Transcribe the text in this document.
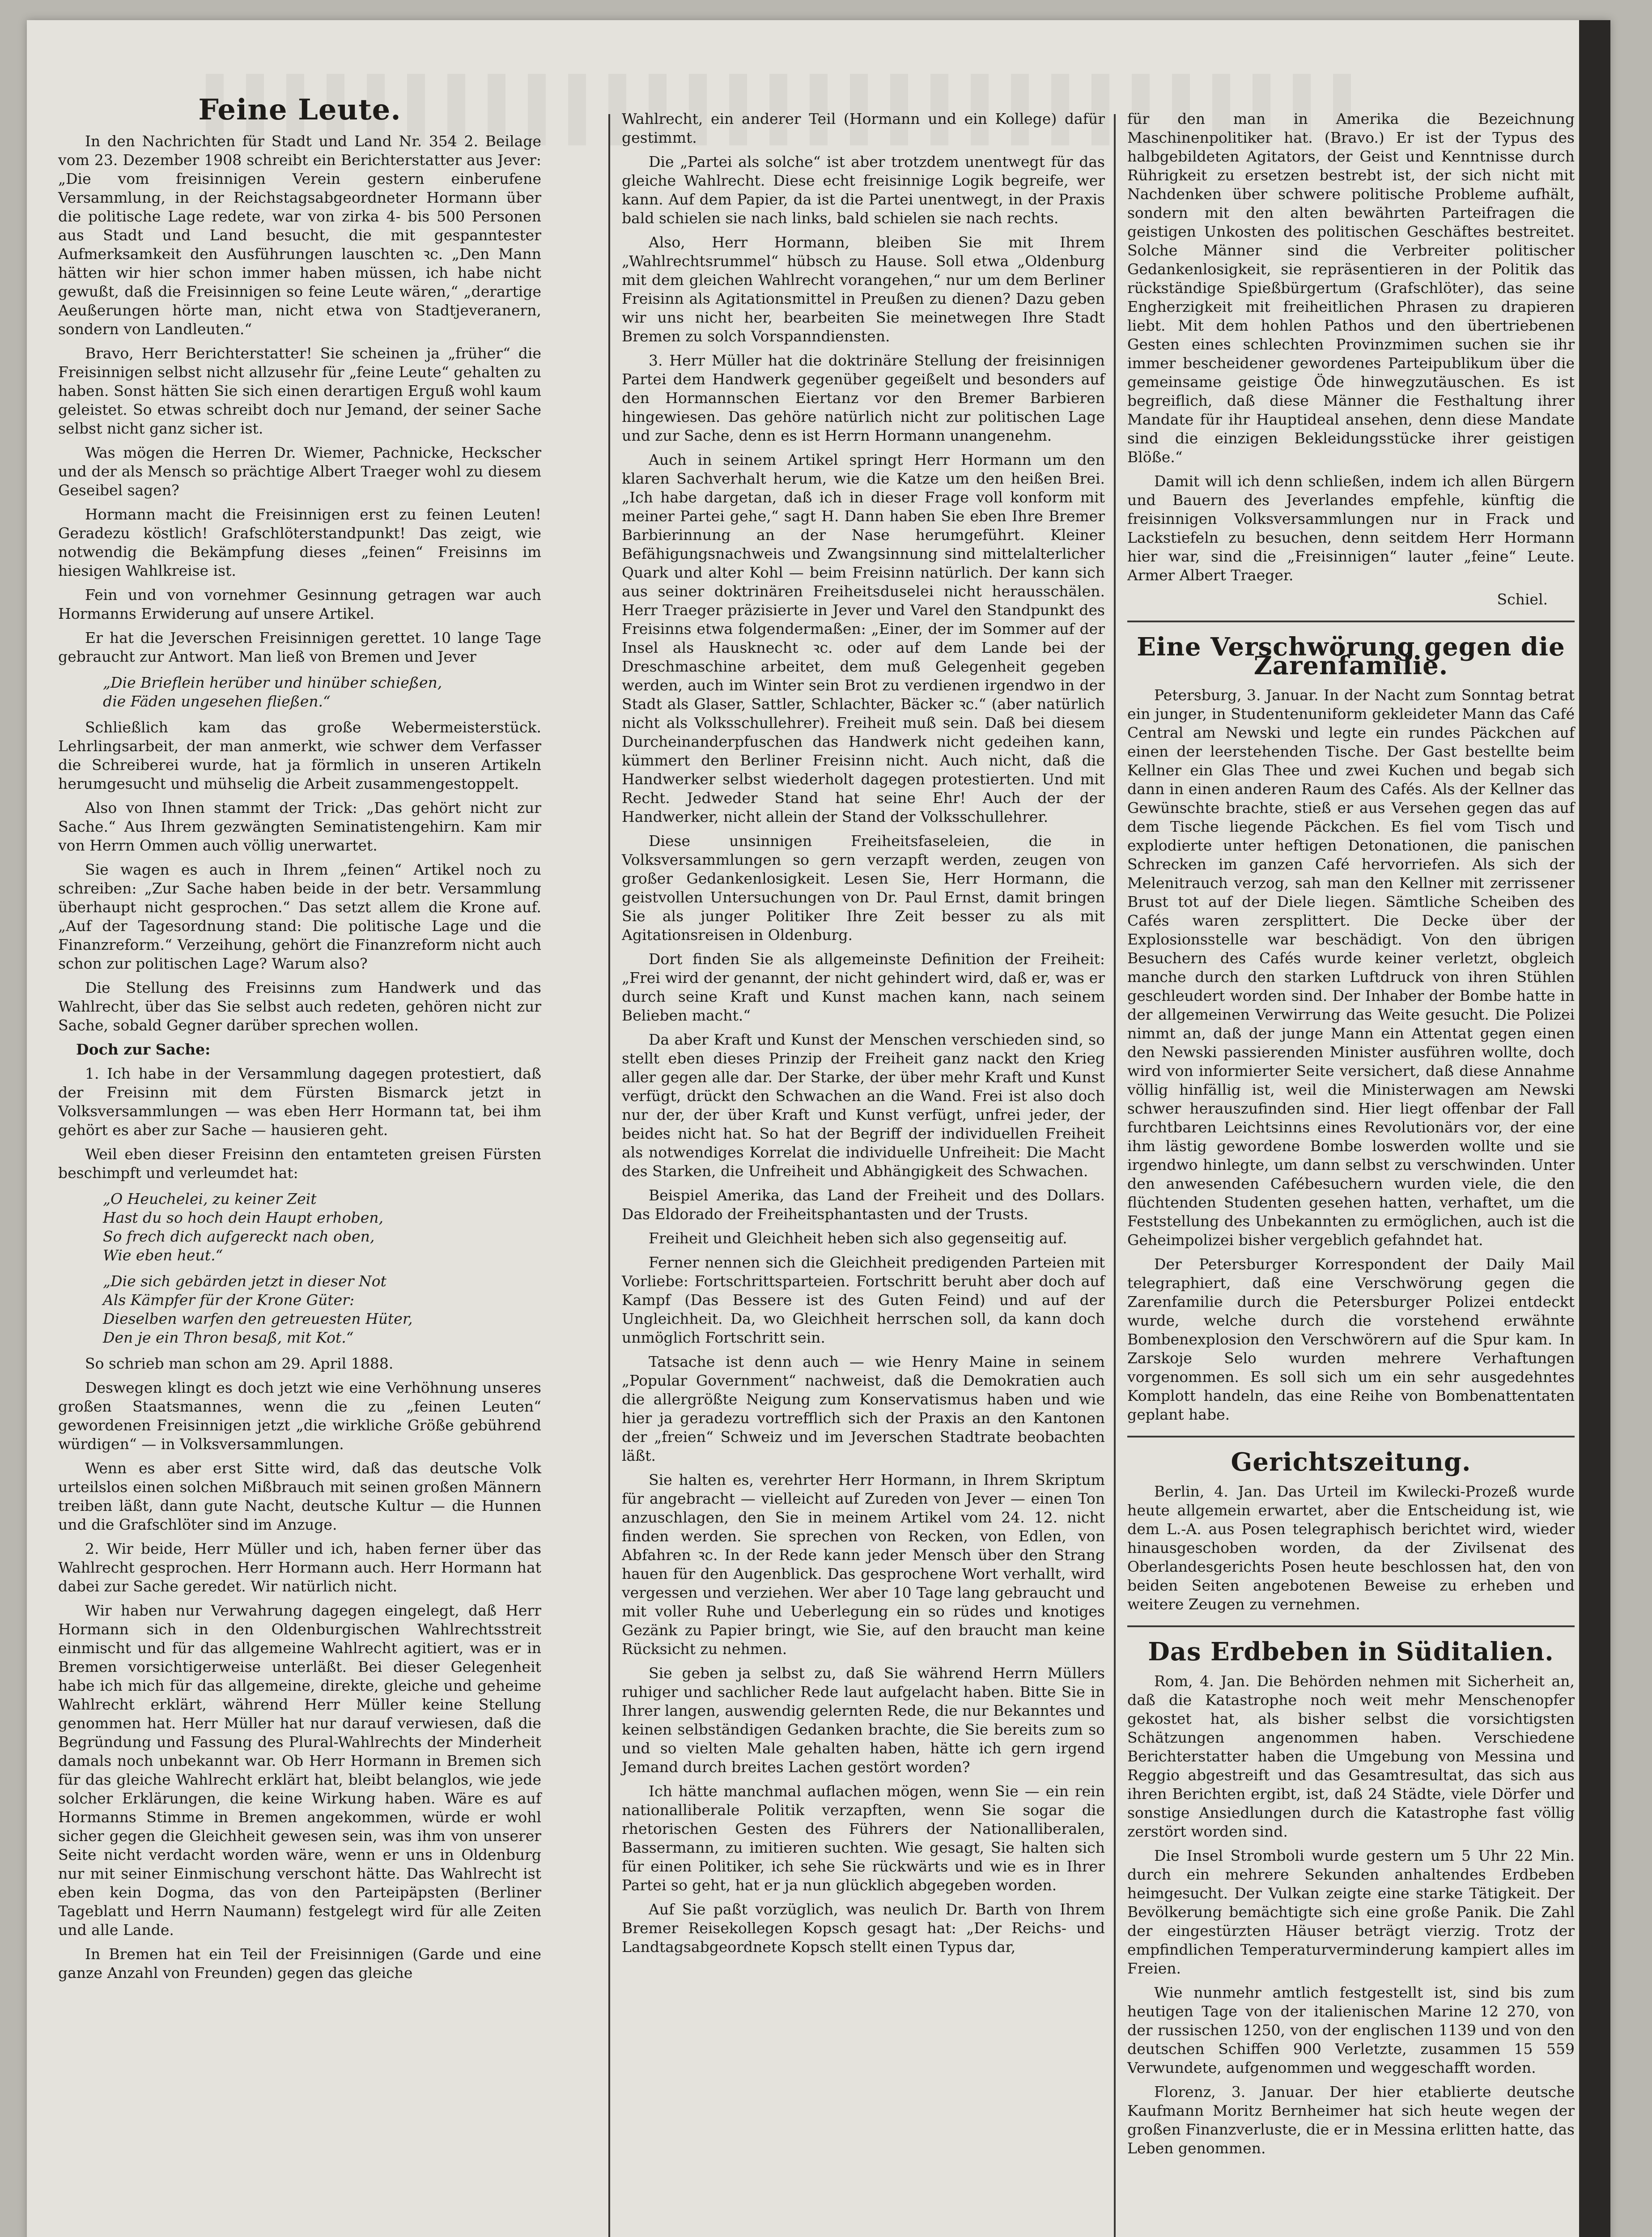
Feine Leute.

In den Nachrichten für Stadt und Land Nr. 354 2. Beilage vom 23. Dezember 1908 schreibt ein Berichterstatter aus Jever: „Die vom freisinnigen Verein gestern einberufene Versammlung, in der Reichstagsabgeordneter Hormann über die politische Lage redete, war von zirka 4- bis 500 Personen aus Stadt und Land besucht, die mit gespanntester Aufmerksamkeit den Ausführungen lauschten ꝛc. „Den Mann hätten wir hier schon immer haben müssen, ich habe nicht gewußt, daß die Freisinnigen so feine Leute wären,“ „derartige Aeußerungen hörte man, nicht etwa von Stadtjeveranern, sondern von Landleuten.“

Bravo, Herr Berichterstatter! Sie scheinen ja „früher“ die Freisinnigen selbst nicht allzusehr für „feine Leute“ gehalten zu haben. Sonst hätten Sie sich einen derartigen Erguß wohl kaum geleistet. So etwas schreibt doch nur Jemand, der seiner Sache selbst nicht ganz sicher ist.

Was mögen die Herren Dr. Wiemer, Pachnicke, Heckscher und der als Mensch so prächtige Albert Traeger wohl zu diesem Geseibel sagen?

Hormann macht die Freisinnigen erst zu feinen Leuten! Geradezu köstlich! Grafschlöterstandpunkt! Das zeigt, wie notwendig die Bekämpfung dieses „feinen“ Freisinns im hiesigen Wahlkreise ist.

Fein und von vornehmer Gesinnung getragen war auch Hormanns Erwiderung auf unsere Artikel.

Er hat die Jeverschen Freisinnigen gerettet. 10 lange Tage gebraucht zur Antwort. Man ließ von Bremen und Jever

„Die Brieflein herüber und hinüber schießen,
die Fäden ungesehen fließen.“

Schließlich kam das große Webermeisterstück. Lehrlingsarbeit, der man anmerkt, wie schwer dem Verfasser die Schreiberei wurde, hat ja förmlich in unseren Artikeln herumgesucht und mühselig die Arbeit zusammengestoppelt.

Also von Ihnen stammt der Trick: „Das gehört nicht zur Sache.“ Aus Ihrem gezwängten Seminatistengehirn. Kam mir von Herrn Ommen auch völlig unerwartet.

Sie wagen es auch in Ihrem „feinen“ Artikel noch zu schreiben: „Zur Sache haben beide in der betr. Versammlung überhaupt nicht gesprochen.“ Das setzt allem die Krone auf. „Auf der Tagesordnung stand: Die politische Lage und die Finanzreform.“ Verzeihung, gehört die Finanzreform nicht auch schon zur politischen Lage? Warum also?

Die Stellung des Freisinns zum Handwerk und das Wahlrecht, über das Sie selbst auch redeten, gehören nicht zur Sache, sobald Gegner darüber sprechen wollen.

Doch zur Sache:

1. Ich habe in der Versammlung dagegen protestiert, daß der Freisinn mit dem Fürsten Bismarck jetzt in Volksversammlungen — was eben Herr Hormann tat, bei ihm gehört es aber zur Sache — hausieren geht.

Weil eben dieser Freisinn den entamteten greisen Fürsten beschimpft und verleumdet hat:

„O Heuchelei, zu keiner Zeit
Hast du so hoch dein Haupt erhoben,
So frech dich aufgereckt nach oben,
Wie eben heut.“
„Die sich gebärden jetzt in dieser Not
Als Kämpfer für der Krone Güter:
Dieselben warfen den getreuesten Hüter,
Den je ein Thron besaß, mit Kot.“

So schrieb man schon am 29. April 1888.

Deswegen klingt es doch jetzt wie eine Verhöhnung unseres großen Staatsmannes, wenn die zu „feinen Leuten“ gewordenen Freisinnigen jetzt „die wirkliche Größe gebührend würdigen“ — in Volksversammlungen.

Wenn es aber erst Sitte wird, daß das deutsche Volk urteilslos einen solchen Mißbrauch mit seinen großen Männern treiben läßt, dann gute Nacht, deutsche Kultur — die Hunnen und die Grafschlöter sind im Anzuge.

2. Wir beide, Herr Müller und ich, haben ferner über das Wahlrecht gesprochen. Herr Hormann auch. Herr Hormann hat dabei zur Sache geredet. Wir natürlich nicht.

Wir haben nur Verwahrung dagegen eingelegt, daß Herr Hormann sich in den Oldenburgischen Wahlrechtsstreit einmischt und für das allgemeine Wahlrecht agitiert, was er in Bremen vorsichtigerweise unterläßt. Bei dieser Gelegenheit habe ich mich für das allgemeine, direkte, gleiche und geheime Wahlrecht erklärt, während Herr Müller keine Stellung genommen hat. Herr Müller hat nur darauf verwiesen, daß die Begründung und Fassung des Plural-Wahlrechts der Minderheit damals noch unbekannt war. Ob Herr Hormann in Bremen sich für das gleiche Wahlrecht erklärt hat, bleibt belanglos, wie jede solcher Erklärungen, die keine Wirkung haben. Wäre es auf Hormanns Stimme in Bremen angekommen, würde er wohl sicher gegen die Gleichheit gewesen sein, was ihm von unserer Seite nicht verdacht worden wäre, wenn er uns in Oldenburg nur mit seiner Einmischung verschont hätte. Das Wahlrecht ist eben kein Dogma, das von den Parteipäpsten (Berliner Tageblatt und Herrn Naumann) festgelegt wird für alle Zeiten und alle Lande.

In Bremen hat ein Teil der Freisinnigen (Garde und eine ganze Anzahl von Freunden) gegen das gleiche

Wahlrecht, ein anderer Teil (Hormann und ein Kollege) dafür gestimmt.

Die „Partei als solche“ ist aber trotzdem unentwegt für das gleiche Wahlrecht. Diese echt freisinnige Logik begreife, wer kann. Auf dem Papier, da ist die Partei unentwegt, in der Praxis bald schielen sie nach links, bald schielen sie nach rechts.

Also, Herr Hormann, bleiben Sie mit Ihrem „Wahlrechtsrummel“ hübsch zu Hause. Soll etwa „Oldenburg mit dem gleichen Wahlrecht vorangehen,“ nur um dem Berliner Freisinn als Agitationsmittel in Preußen zu dienen? Dazu geben wir uns nicht her, bearbeiten Sie meinetwegen Ihre Stadt Bremen zu solch Vorspanndiensten.

3. Herr Müller hat die doktrinäre Stellung der freisinnigen Partei dem Handwerk gegenüber gegeißelt und besonders auf den Hormannschen Eiertanz vor den Bremer Barbieren hingewiesen. Das gehöre natürlich nicht zur politischen Lage und zur Sache, denn es ist Herrn Hormann unangenehm.

Auch in seinem Artikel springt Herr Hormann um den klaren Sachverhalt herum, wie die Katze um den heißen Brei. „Ich habe dargetan, daß ich in dieser Frage voll konform mit meiner Partei gehe,“ sagt H. Dann haben Sie eben Ihre Bremer Barbierinnung an der Nase herumgeführt. Kleiner Befähigungsnachweis und Zwangsinnung sind mittelalterlicher Quark und alter Kohl — beim Freisinn natürlich. Der kann sich aus seiner doktrinären Freiheitsduselei nicht herausschälen. Herr Traeger präzisierte in Jever und Varel den Standpunkt des Freisinns etwa folgendermaßen: „Einer, der im Sommer auf der Insel als Hausknecht ꝛc. oder auf dem Lande bei der Dreschmaschine arbeitet, dem muß Gelegenheit gegeben werden, auch im Winter sein Brot zu verdienen irgendwo in der Stadt als Glaser, Sattler, Schlachter, Bäcker ꝛc.“ (aber natürlich nicht als Volksschullehrer). Freiheit muß sein. Daß bei diesem Durcheinanderpfuschen das Handwerk nicht gedeihen kann, kümmert den Berliner Freisinn nicht. Auch nicht, daß die Handwerker selbst wiederholt dagegen protestierten. Und mit Recht. Jedweder Stand hat seine Ehr! Auch der der Handwerker, nicht allein der Stand der Volksschullehrer.

Diese unsinnigen Freiheitsfaseleien, die in Volksversammlungen so gern verzapft werden, zeugen von großer Gedankenlosigkeit. Lesen Sie, Herr Hormann, die geistvollen Untersuchungen von Dr. Paul Ernst, damit bringen Sie als junger Politiker Ihre Zeit besser zu als mit Agitationsreisen in Oldenburg.

Dort finden Sie als allgemeinste Definition der Freiheit: „Frei wird der genannt, der nicht gehindert wird, daß er, was er durch seine Kraft und Kunst machen kann, nach seinem Belieben macht.“

Da aber Kraft und Kunst der Menschen verschieden sind, so stellt eben dieses Prinzip der Freiheit ganz nackt den Krieg aller gegen alle dar. Der Starke, der über mehr Kraft und Kunst verfügt, drückt den Schwachen an die Wand. Frei ist also doch nur der, der über Kraft und Kunst verfügt, unfrei jeder, der beides nicht hat. So hat der Begriff der individuellen Freiheit als notwendiges Korrelat die individuelle Unfreiheit: Die Macht des Starken, die Unfreiheit und Abhängigkeit des Schwachen.

Beispiel Amerika, das Land der Freiheit und des Dollars. Das Eldorado der Freiheitsphantasten und der Trusts.

Freiheit und Gleichheit heben sich also gegenseitig auf.

Ferner nennen sich die Gleichheit predigenden Parteien mit Vorliebe: Fortschrittsparteien. Fortschritt beruht aber doch auf Kampf (Das Bessere ist des Guten Feind) und auf der Ungleichheit. Da, wo Gleichheit herrschen soll, da kann doch unmöglich Fortschritt sein.

Tatsache ist denn auch — wie Henry Maine in seinem „Popular Government“ nachweist, daß die Demokratien auch die allergrößte Neigung zum Konservatismus haben und wie hier ja geradezu vortrefflich sich der Praxis an den Kantonen der „freien“ Schweiz und im Jeverschen Stadtrate beobachten läßt.

Sie halten es, verehrter Herr Hormann, in Ihrem Skriptum für angebracht — vielleicht auf Zureden von Jever — einen Ton anzuschlagen, den Sie in meinem Artikel vom 24. 12. nicht finden werden. Sie sprechen von Recken, von Edlen, von Abfahren ꝛc. In der Rede kann jeder Mensch über den Strang hauen für den Augenblick. Das gesprochene Wort verhallt, wird vergessen und verziehen. Wer aber 10 Tage lang gebraucht und mit voller Ruhe und Ueberlegung ein so rüdes und knotiges Gezänk zu Papier bringt, wie Sie, auf den braucht man keine Rücksicht zu nehmen.

Sie geben ja selbst zu, daß Sie während Herrn Müllers ruhiger und sachlicher Rede laut aufgelacht haben. Bitte Sie in Ihrer langen, auswendig gelernten Rede, die nur Bekanntes und keinen selbständigen Gedanken brachte, die Sie bereits zum so und so vielten Male gehalten haben, hätte ich gern irgend Jemand durch breites Lachen gestört worden?

Ich hätte manchmal auflachen mögen, wenn Sie — ein rein nationalliberale Politik verzapften, wenn Sie sogar die rhetorischen Gesten des Führers der Nationalliberalen, Bassermann, zu imitieren suchten. Wie gesagt, Sie halten sich für einen Politiker, ich sehe Sie rückwärts und wie es in Ihrer Partei so geht, hat er ja nun glücklich abgegeben worden.

Auf Sie paßt vorzüglich, was neulich Dr. Barth von Ihrem Bremer Reisekollegen Kopsch gesagt hat: „Der Reichs- und Landtagsabgeordnete Kopsch stellt einen Typus dar,

für den man in Amerika die Bezeichnung Maschinenpolitiker hat. (Bravo.) Er ist der Typus des halbgebildeten Agitators, der Geist und Kenntnisse durch Rührigkeit zu ersetzen bestrebt ist, der sich nicht mit Nachdenken über schwere politische Probleme aufhält, sondern mit den alten bewährten Parteifragen die geistigen Unkosten des politischen Geschäftes bestreitet. Solche Männer sind die Verbreiter politischer Gedankenlosigkeit, sie repräsentieren in der Politik das rückständige Spießbürgertum (Grafschlöter), das seine Engherzigkeit mit freiheitlichen Phrasen zu drapieren liebt. Mit dem hohlen Pathos und den übertriebenen Gesten eines schlechten Provinzmimen suchen sie ihr immer bescheidener gewordenes Parteipublikum über die gemeinsame geistige Öde hinwegzutäuschen. Es ist begreiflich, daß diese Männer die Festhaltung ihrer Mandate für ihr Hauptideal ansehen, denn diese Mandate sind die einzigen Bekleidungsstücke ihrer geistigen Blöße.“

Damit will ich denn schließen, indem ich allen Bürgern und Bauern des Jeverlandes empfehle, künftig die freisinnigen Volksversammlungen nur in Frack und Lackstiefeln zu besuchen, denn seitdem Herr Hormann hier war, sind die „Freisinnigen“ lauter „feine“ Leute. Armer Albert Traeger.

Schiel.

Eine Verschwörung gegen die Zarenfamilie.

Petersburg, 3. Januar. In der Nacht zum Sonntag betrat ein junger, in Studentenuniform gekleideter Mann das Café Central am Newski und legte ein rundes Päckchen auf einen der leerstehenden Tische. Der Gast bestellte beim Kellner ein Glas Thee und zwei Kuchen und begab sich dann in einen anderen Raum des Cafés. Als der Kellner das Gewünschte brachte, stieß er aus Versehen gegen das auf dem Tische liegende Päckchen. Es fiel vom Tisch und explodierte unter heftigen Detonationen, die panischen Schrecken im ganzen Café hervorriefen. Als sich der Melenitrauch verzog, sah man den Kellner mit zerrissener Brust tot auf der Diele liegen. Sämtliche Scheiben des Cafés waren zersplittert. Die Decke über der Explosionsstelle war beschädigt. Von den übrigen Besuchern des Cafés wurde keiner verletzt, obgleich manche durch den starken Luftdruck von ihren Stühlen geschleudert worden sind. Der Inhaber der Bombe hatte in der allgemeinen Verwirrung das Weite gesucht. Die Polizei nimmt an, daß der junge Mann ein Attentat gegen einen den Newski passierenden Minister ausführen wollte, doch wird von informierter Seite versichert, daß diese Annahme völlig hinfällig ist, weil die Ministerwagen am Newski schwer herauszufinden sind. Hier liegt offenbar der Fall furchtbaren Leichtsinns eines Revolutionärs vor, der eine ihm lästig gewordene Bombe loswerden wollte und sie irgendwo hinlegte, um dann selbst zu verschwinden. Unter den anwesenden Cafébesuchern wurden viele, die den flüchtenden Studenten gesehen hatten, verhaftet, um die Feststellung des Unbekannten zu ermöglichen, auch ist die Geheimpolizei bisher vergeblich gefahndet hat.

Der Petersburger Korrespondent der Daily Mail telegraphiert, daß eine Verschwörung gegen die Zarenfamilie durch die Petersburger Polizei entdeckt wurde, welche durch die vorstehend erwähnte Bombenexplosion den Verschwörern auf die Spur kam. In Zarskoje Selo wurden mehrere Verhaftungen vorgenommen. Es soll sich um ein sehr ausgedehntes Komplott handeln, das eine Reihe von Bombenattentaten geplant habe.

Gerichtszeitung.

Berlin, 4. Jan. Das Urteil im Kwilecki-Prozeß wurde heute allgemein erwartet, aber die Entscheidung ist, wie dem L.-A. aus Posen telegraphisch berichtet wird, wieder hinausgeschoben worden, da der Zivilsenat des Oberlandesgerichts Posen heute beschlossen hat, den von beiden Seiten angebotenen Beweise zu erheben und weitere Zeugen zu vernehmen.

Das Erdbeben in Süditalien.

Rom, 4. Jan. Die Behörden nehmen mit Sicherheit an, daß die Katastrophe noch weit mehr Menschenopfer gekostet hat, als bisher selbst die vorsichtigsten Schätzungen angenommen haben. Verschiedene Berichterstatter haben die Umgebung von Messina und Reggio abgestreift und das Gesamtresultat, das sich aus ihren Berichten ergibt, ist, daß 24 Städte, viele Dörfer und sonstige Ansiedlungen durch die Katastrophe fast völlig zerstört worden sind.

Die Insel Stromboli wurde gestern um 5 Uhr 22 Min. durch ein mehrere Sekunden anhaltendes Erdbeben heimgesucht. Der Vulkan zeigte eine starke Tätigkeit. Der Bevölkerung bemächtigte sich eine große Panik. Die Zahl der eingestürzten Häuser beträgt vierzig. Trotz der empfindlichen Temperaturverminderung kampiert alles im Freien.

Wie nunmehr amtlich festgestellt ist, sind bis zum heutigen Tage von der italienischen Marine 12 270, von der russischen 1250, von der englischen 1139 und von den deutschen Schiffen 900 Verletzte, zusammen 15 559 Verwundete, aufgenommen und weggeschafft worden.

Florenz, 3. Januar. Der hier etablierte deutsche Kaufmann Moritz Bernheimer hat sich heute wegen der großen Finanzverluste, die er in Messina erlitten hatte, das Leben genommen.
